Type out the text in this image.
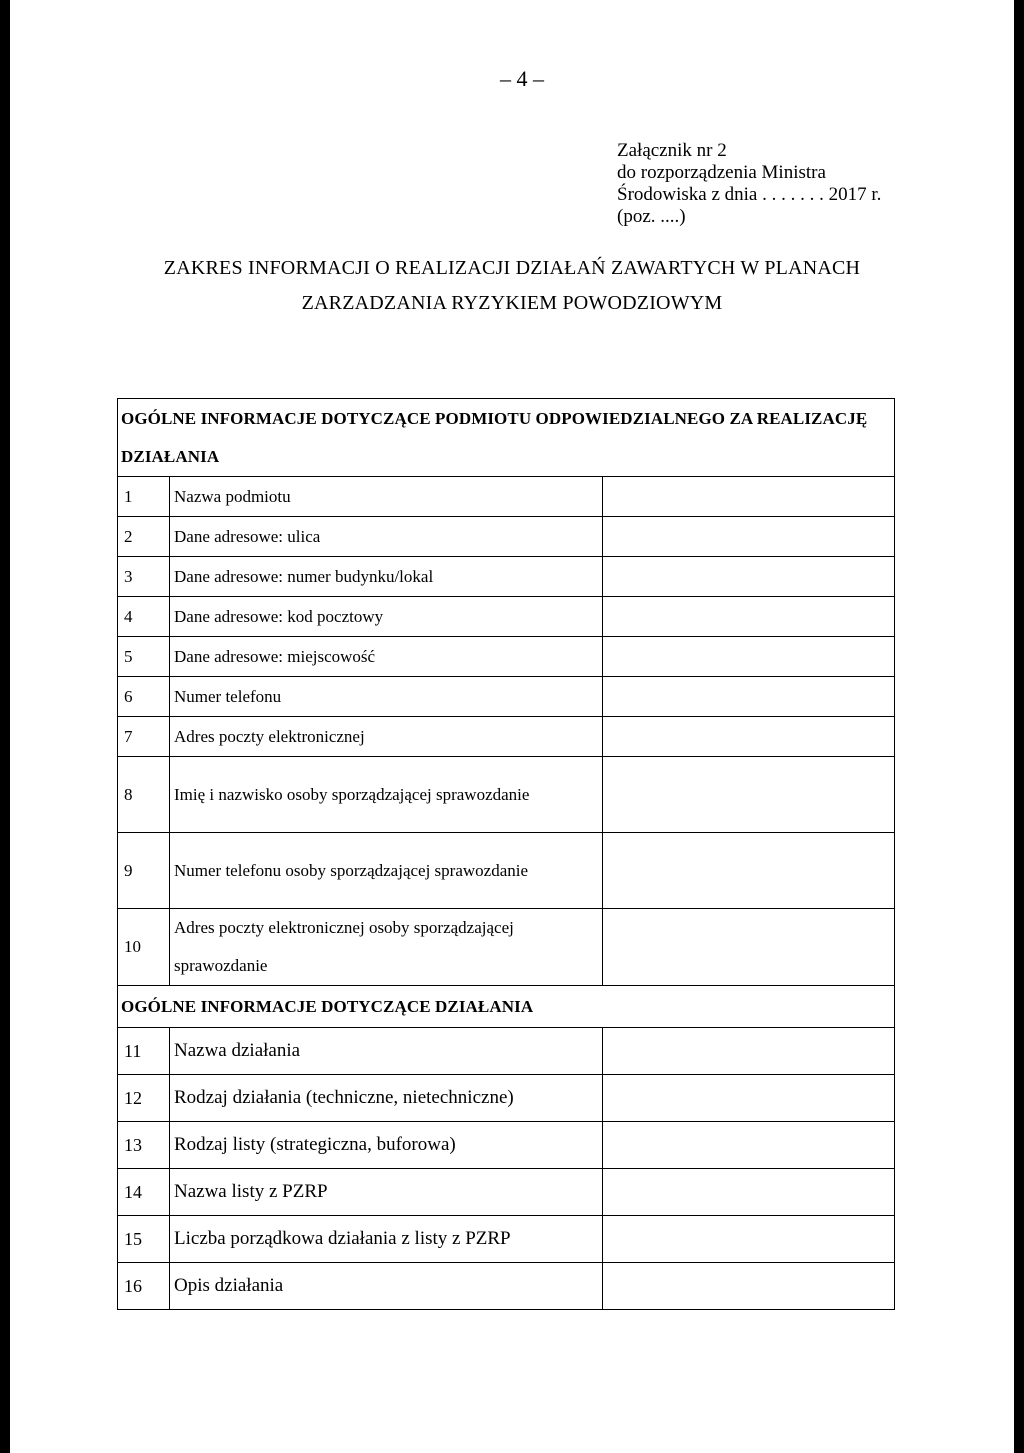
– 4 –
Załącznik nr 2
do rozporządzenia Ministra
Środowiska z dnia . . . . . . . 2017 r.
(poz. ....)
ZAKRES INFORMACJI O REALIZACJI DZIAŁAŃ ZAWARTYCH W PLANACH
ZARZADZANIA RYZYKIEM POWODZIOWYM
OGÓLNE INFORMACJE DOTYCZĄCE PODMIOTU ODPOWIEDZIALNEGO ZA REALIZACJĘ DZIAŁANIA		
1	Nazwa podmiotu	
2	Dane adresowe: ulica	
3	Dane adresowe: numer budynku/lokal	
4	Dane adresowe: kod pocztowy	
5	Dane adresowe: miejscowość	
6	Numer telefonu	
7	Adres poczty elektronicznej	
8	Imię i nazwisko osoby sporządzającej sprawozdanie	
9	Numer telefonu osoby sporządzającej sprawozdanie	
10	Adres poczty elektronicznej osoby sporządzającej sprawozdanie	
OGÓLNE INFORMACJE DOTYCZĄCE DZIAŁANIA		
11	Nazwa działania	
12	Rodzaj działania (techniczne, nietechniczne)	
13	Rodzaj listy (strategiczna, buforowa)	
14	Nazwa listy z PZRP	
15	Liczba porządkowa działania z listy z PZRP	
16	Opis działania	
